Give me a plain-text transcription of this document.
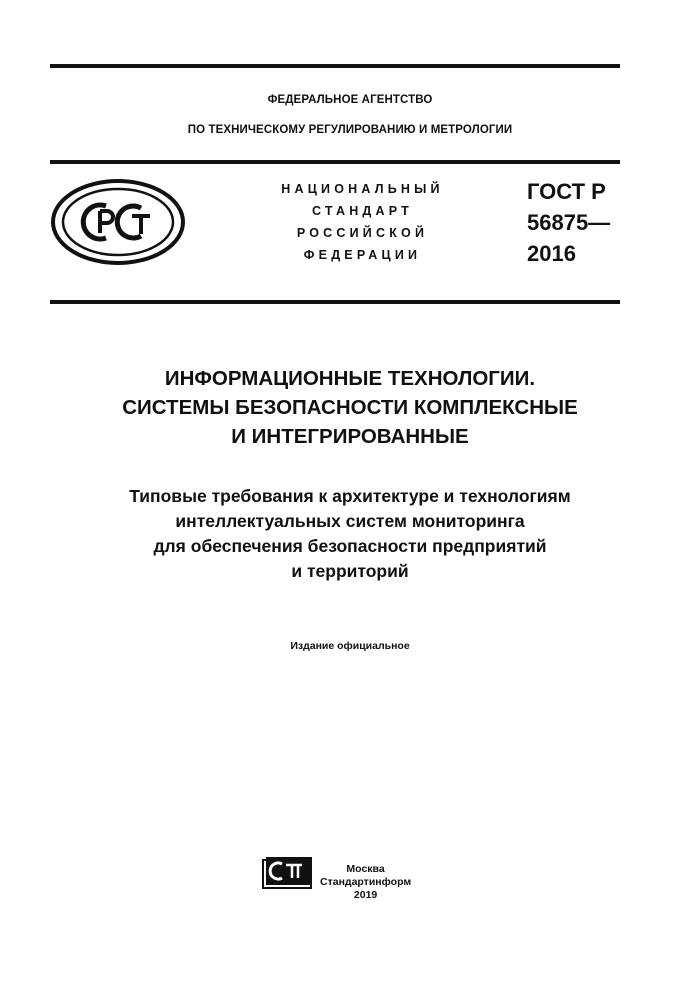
ФЕДЕРАЛЬНОЕ АГЕНТСТВО
ПО ТЕХНИЧЕСКОМУ РЕГУЛИРОВАНИЮ И МЕТРОЛОГИИ
НАЦИОНАЛЬНЫЙ
СТАНДАРТ
РОССИЙСКОЙ
ФЕДЕРАЦИИ
ГОСТ Р
56875—
2016
ИНФОРМАЦИОННЫЕ ТЕХНОЛОГИИ.
СИСТЕМЫ БЕЗОПАСНОСТИ КОМПЛЕКСНЫЕ
И ИНТЕГРИРОВАННЫЕ
Типовые требования к архитектуре и технологиям
интеллектуальных систем мониторинга
для обеспечения безопасности предприятий
и территорий
Издание официальное
Москва
Стандартинформ
2019
